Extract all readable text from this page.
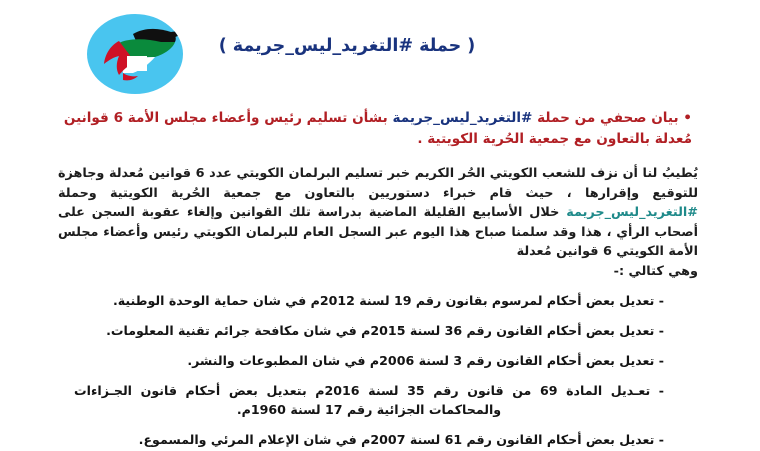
( حملة #التغريد_ليس_جريمة )

• بيان صحفي من حملة #التغريد_ليس_جريمة بشأن تسليم رئيس وأعضاء مجلس الأمة 6 قوانين مُعدلة بالتعاون مع جمعية الحُرية الكويتية .

يُطيبُ لنا أن نزف للشعب الكويتي الحُر الكريم خبر تسليم البرلمان الكويتي عدد 6 قوانين مُعدلة وجاهزة للتوقيع وإقرارها ، حيث قام خبراء دستوريين بالتعاون مع جمعية الحُرية الكويتية وحملة #التغريد_ليس_جريمة خلال الأسابيع القليلة الماضية بدراسة تلك القوانين وإلغاء عقوبة السجن على أصحاب الرأي ، هذا وقد سلمنا صباح هذا اليوم عبر السجل العام للبرلمان الكويتي رئيس وأعضاء مجلس الأمة الكويتي 6 قوانين مُعدلة
وهي كتالي :-

- تعديل بعض أحكام لمرسوم بقانون رقم 19 لسنة 2012م في شان حماية الوحدة الوطنية.
- تعديل بعض أحكام القانون رقم 36 لسنة 2015م في شان مكافحة جرائم تقنية المعلومات.
- تعديل بعض أحكام القانون رقم 3 لسنة 2006م في شان المطبوعات والنشر.
- تعـديل المادة 69 من قانون رقم 35 لسنة 2016م بتعديل بعض أحكام قانون الجـزاءات والمحاكمات الجزائية رقم 17 لسنة 1960م.
- تعديل بعض أحكام القانون رقم 61 لسنة 2007م في شان الإعلام المرئي والمسموع.
